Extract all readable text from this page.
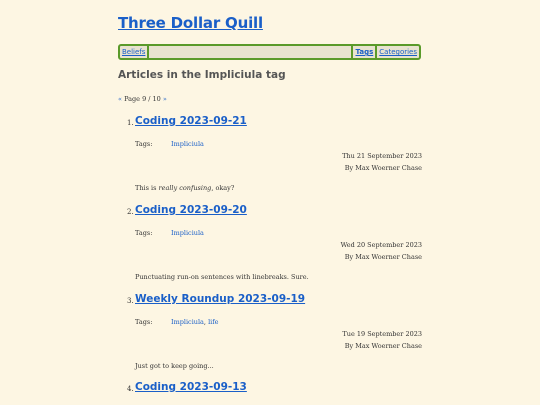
Three Dollar Quill
Beliefs	Tags Categories
Articles in the Impliciula tag
« Page 9 / 10 »
1. Coding 2023-09-21
Tags:	Impliciula
Thu 21 September 2023
By Max Woerner Chase
This is really confusing, okay?
2. Coding 2023-09-20
Tags:	Impliciula
Wed 20 September 2023
By Max Woerner Chase
Punctuating run-on sentences with linebreaks. Sure.
3. Weekly Roundup 2023-09-19
Tags:	Impliciula, life
Tue 19 September 2023
By Max Woerner Chase
Just got to keep going...
4. Coding 2023-09-13
